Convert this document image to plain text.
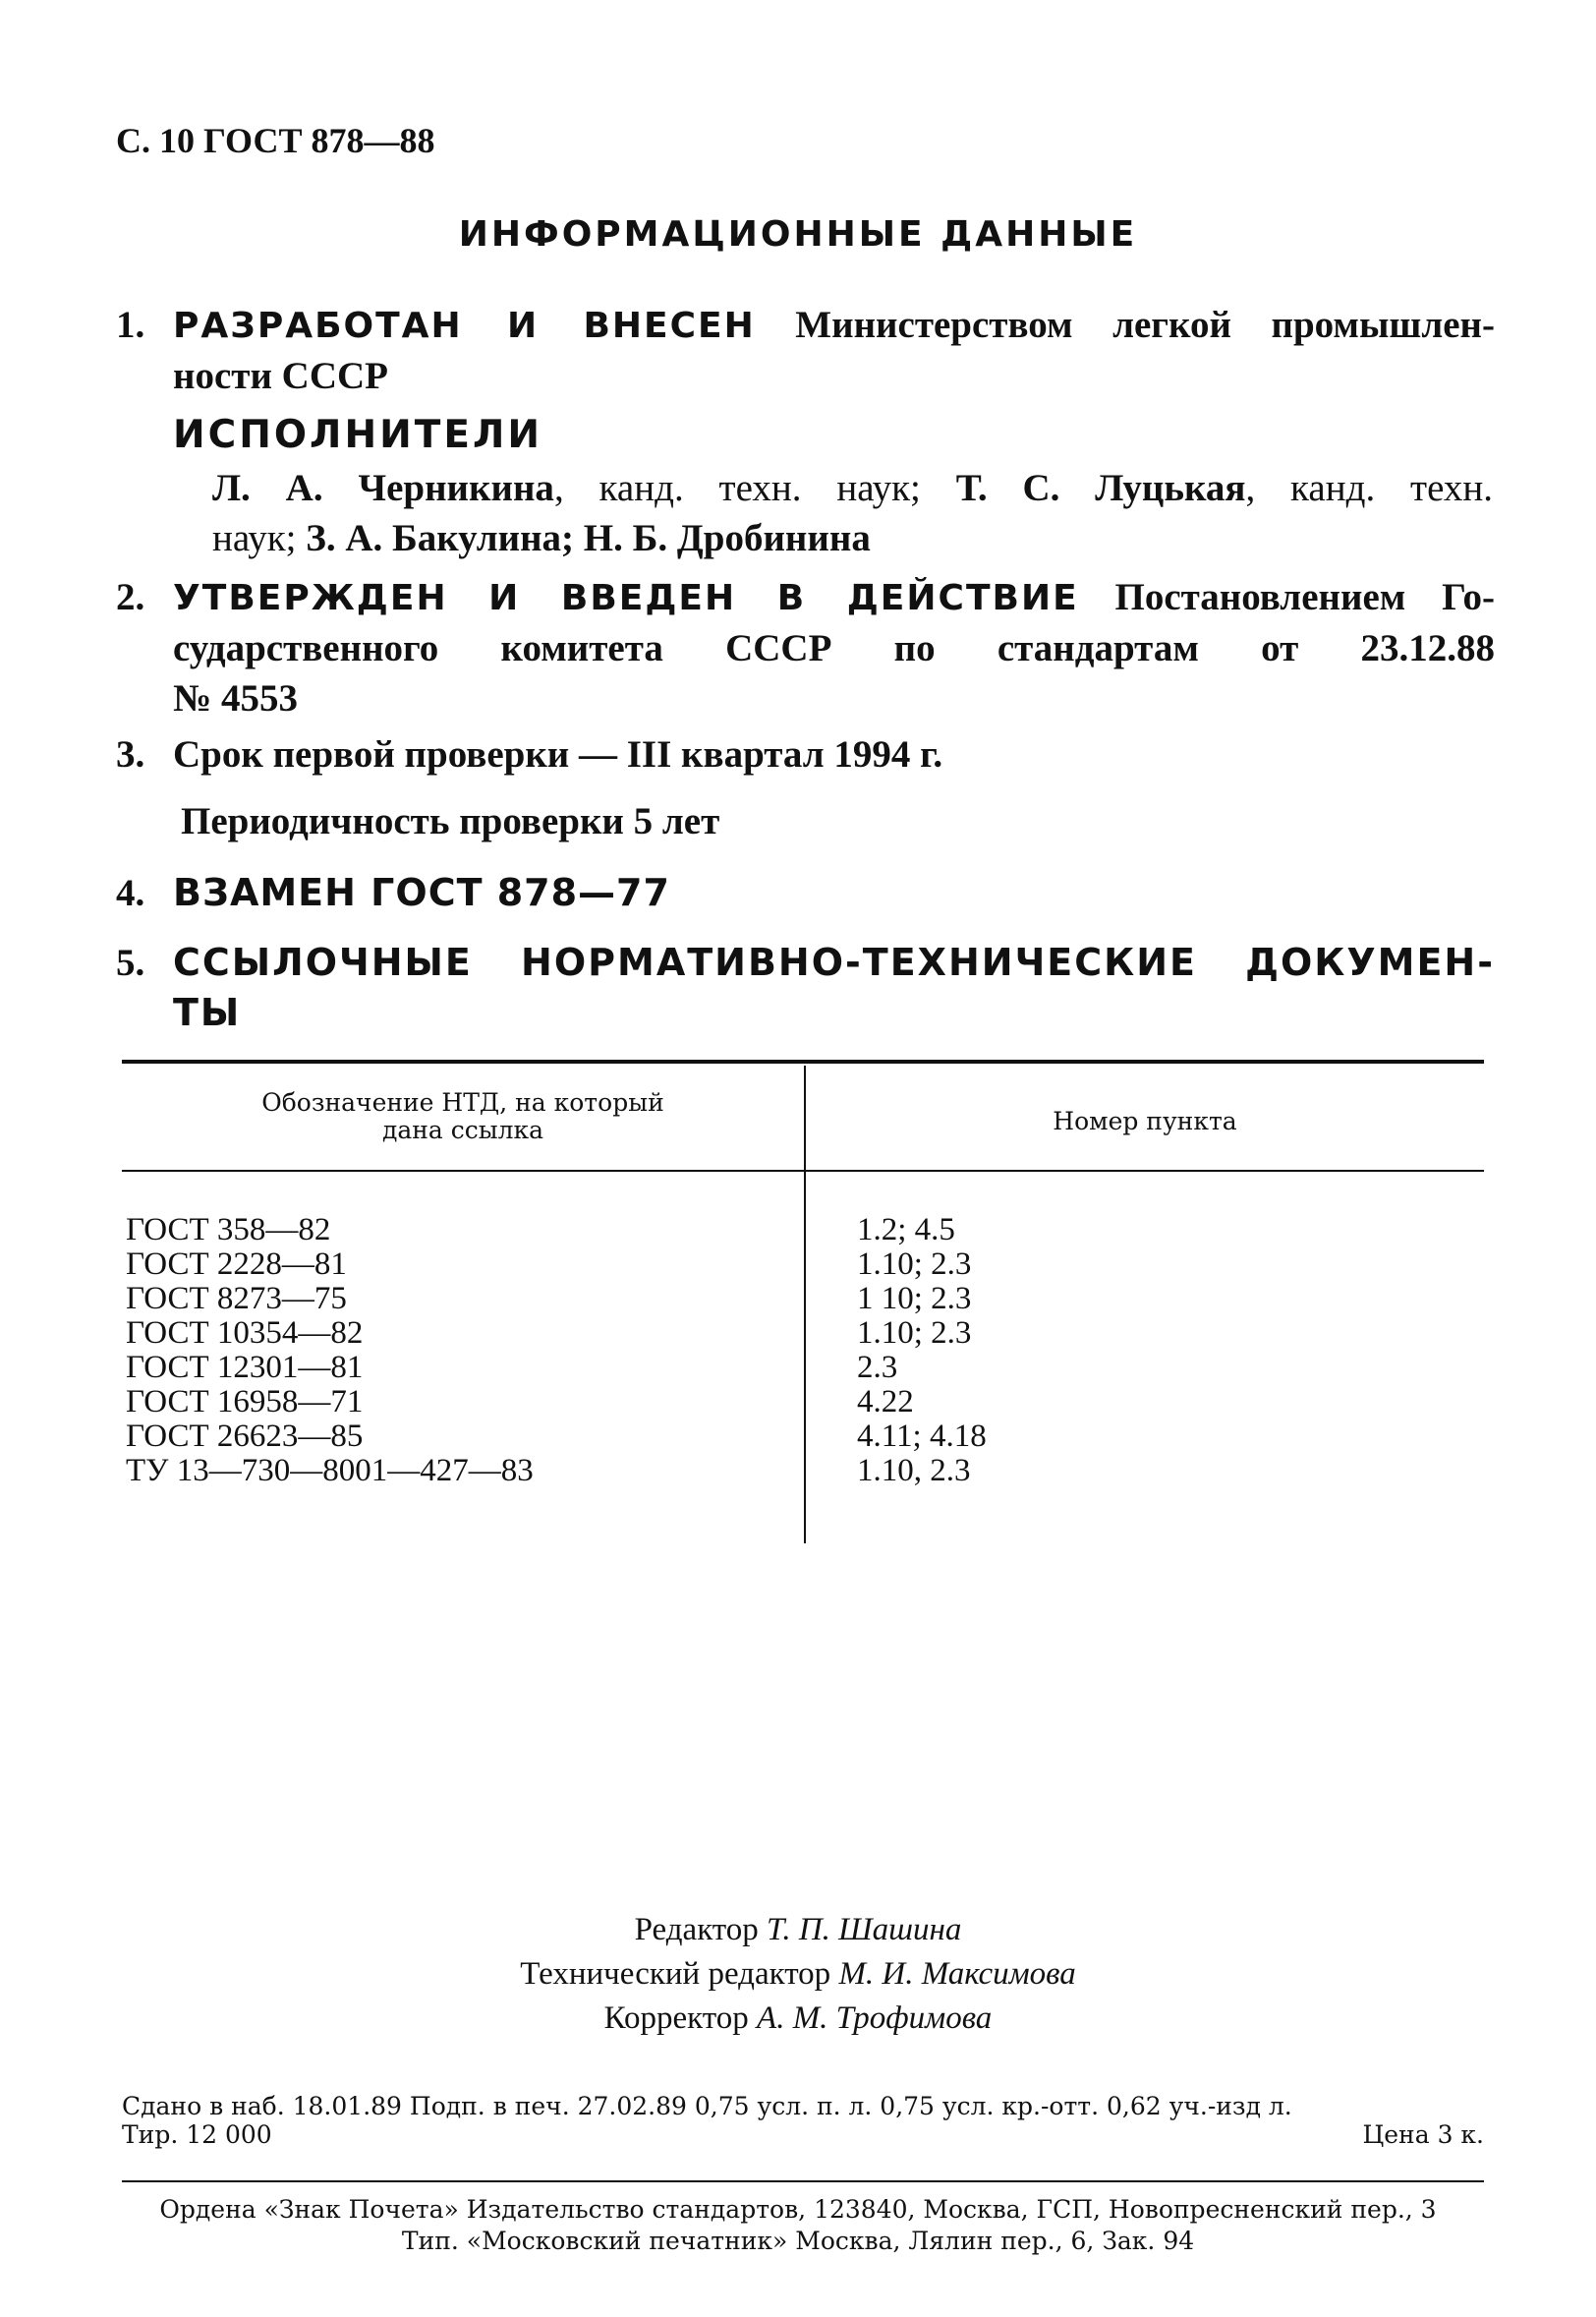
С. 10 ГОСТ 878—88
ИНФОРМАЦИОННЫЕ ДАННЫЕ
1. РАЗРАБОТАН И ВНЕСЕН Министерством легкой промышлен-
ности СССР
ИСПОЛНИТЕЛИ
Л. А. Черникина, канд. техн. наук; Т. С. Луцькая, канд. техн.
наук; З. А. Бакулина; Н. Б. Дробинина
2. УТВЕРЖДЕН И ВВЕДЕН В ДЕЙСТВИЕ Постановлением Го-
сударственного комитета СССР по стандартам от 23.12.88
№ 4553
3. Срок первой проверки — III квартал 1994 г.
Периодичность проверки 5 лет
4. ВЗАМЕН ГОСТ 878—77
5. ССЫЛОЧНЫЕ НОРМАТИВНО-ТЕХНИЧЕСКИЕ ДОКУМЕН-
ТЫ
Обозначение НТД, на который
дана ссылка	Номер пункта
ГОСТ 358—82	1.2; 4.5
ГОСТ 2228—81	1.10; 2.3
ГОСТ 8273—75	1 10; 2.3
ГОСТ 10354—82	1.10; 2.3
ГОСТ 12301—81	2.3
ГОСТ 16958—71	4.22
ГОСТ 26623—85	4.11; 4.18
ТУ 13—730—8001—427—83	1.10, 2.3
Редактор Т. П. Шашина
Технический редактор М. И. Максимова
Корректор А. М. Трофимова
Сдано в наб. 18.01.89 Подп. в печ. 27.02.89 0,75 усл. п. л. 0,75 усл. кр.-отт. 0,62 уч.-изд л.
Тир. 12 000	Цена 3 к.
Ордена «Знак Почета» Издательство стандартов, 123840, Москва, ГСП, Новопресненский пер., 3
Тип. «Московский печатник» Москва, Лялин пер., 6, Зак. 94
